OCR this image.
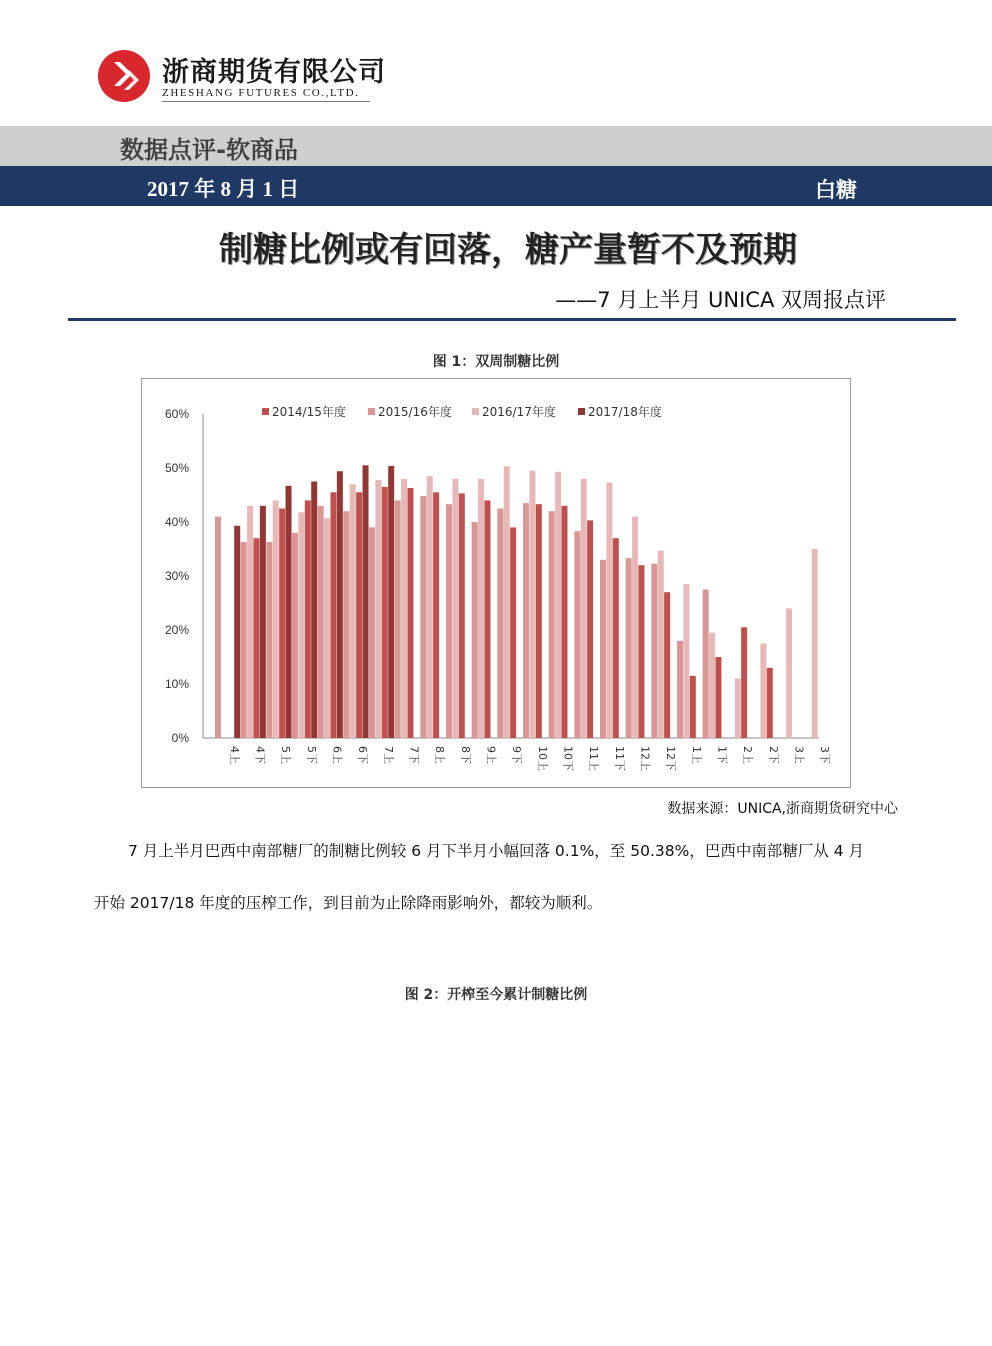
浙商期货有限公司
ZHESHANG FUTURES CO.,LTD.
数据点评-软商品
2017 年 8 月 1 日	白糖
制糖比例或有回落，糖产量暂不及预期
——7 月上半月 UNICA 双周报点评
图 1：双周制糖比例
0%
10%
20%
30%
40%
50%
60%
4上 4下 5上 5下 6上 6下 7上 7下 8上 8下 9上 9下 10上 10下 11上 11下 12上 12下 1上 1下 2上 2下 3上 3下
2014/15年度	2015/16年度	2016/17年度	2017/18年度
数据来源：UNICA,浙商期货研究中心
7 月上半月巴西中南部糖厂的制糖比例较 6 月下半月小幅回落 0.1%，至 50.38%，巴西中南部糖厂从 4 月
开始 2017/18 年度的压榨工作，到目前为止除降雨影响外，都较为顺利。
图 2：开榨至今累计制糖比例
